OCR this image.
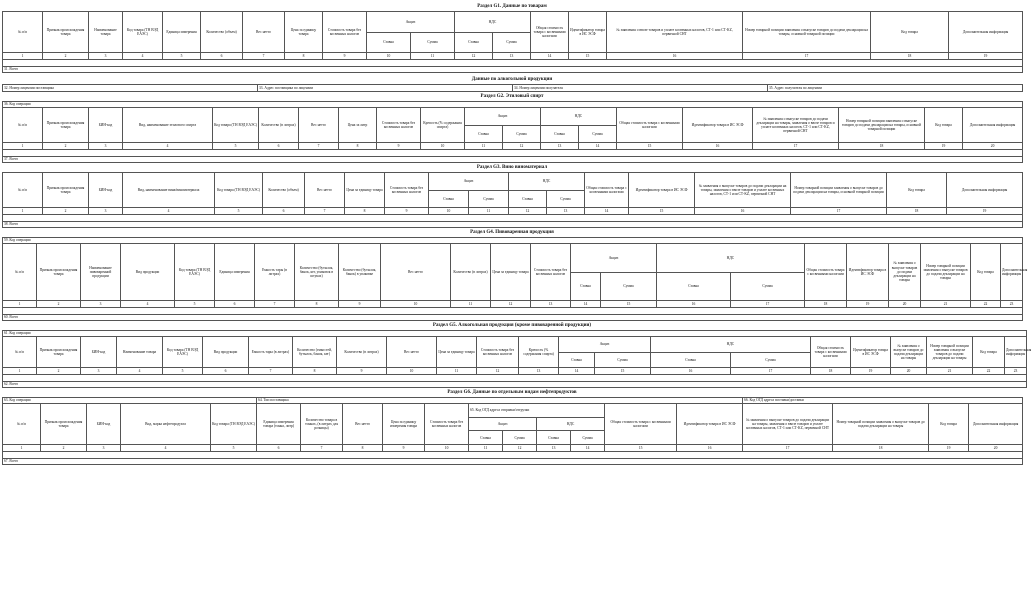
Раздел G1. Данные по товарам
№ п/п	Признак происхождения товара	Наименование товара	Код товара (ТН ВЭД ЕАЭС)	Единица измерения	Количество (объем)	Вес нетто	Цена за единицу товара	Стоимость товара без косвенных налогов	Акциз		НДС		Общая стоимость товара с косвенными налогами	Идентификатор товара в ИС ЭСФ	№ заявления о ввозе товаров и уплате косвенных налогов, СТ-1 или СТ-KZ, первичной СНТ	Номер товарной позиции заявления о выпуске товаров до подачи декларации на товары, основной товарной позиции	Код товара	Дополнительная информация
									Ставка	Сумма	Ставка	Сумма						
1	2	3	4	5	6	7	8	9	10	11	12	13	14	15	16	17	18	19

31. Всего																		
Данные по алкогольной продукции
32. Номер лицензии поставщика	33. Адрес поставщика по лицензии	34. Номер лицензии получателя	35. Адрес получателя по лицензии
Раздел G2. Этиловый спирт
36. Код операции																			
№ п/п	Признак происхождения товара	БИН-код	Вид, наименование этилового спирта	Код товара (ТН ВЭД ЕАЭС)	Количество (в литрах)	Вес нетто	Цена за литр	Стоимость товара без косвенных налогов	Крепость (% содержания спирта)	Акциз		НДС		Общая стоимость товара с косвенными налогами	Идентификатор товара в ИС ЭСФ	№ заявления о выпуске товаров до подачи декларации на товары, заявления о ввозе товаров и уплате косвенных налогов, СТ-1 или СТ-KZ, первичной СНТ	Номер товарной позиции заявления о выпуске товаров до подачи декларации на товары, основной товарной позиции	Код товара	Дополнительная информация
										Ставка	Сумма	Ставка	Сумма						
1	2	3	4	5	6	7	8	9	10	11	12	13	14	15	16	17	18	19	20

37. Всего																			
Раздел G3. Вино виноматериал
№ п/п	Признак происхождения товара	БИН-код	Вид, наименование вина/виноматериала	Код товара (ТН ВЭД ЕАЭС)	Количество (объем)	Вес нетто	Цена за единицу товара	Стоимость товара без косвенных налогов	Акциз		НДС		Общая стоимость товара с косвенными налогами	Идентификатор товара в ИС ЭСФ	№ заявления о выпуске товаров до подачи декларации на товары, заявления о ввозе товаров и уплате косвенных налогов, СТ-1 или СТ-KZ, первичной СНТ	Номер товарной позиции заявления о выпуске товаров до подачи декларации на товары, основной товарной позиции	Код товара	Дополнительная информация
									Ставка	Сумма	Ставка	Сумма						
1	2	3	4	5	6	7	8	9	10	11	12	13	14	15	16	17	18	19

38. Всего																		
Раздел G4. Пивоваренная продукция
59. Код операции																						
№ п/п	Признак происхождения товара	Наименование пивоваренной продукции	Вид продукции	Код товара (ТН ВЭД ЕАЭС)	Единица измерения	Емкость тары (в литрах)	Количество (бутылок, банок, кег, упаковок в штуках)	Количество (бутылок, банок) в упаковке	Вес нетто	Количество (в литрах)	Цена за единицу товара	Стоимость товара без косвенных налогов	Акциз		НДС		Общая стоимость товара с косвенными налогами	Идентификатор товара в ИС ЭСФ	№ заявления о выпуске товаров до подачи декларации на товары	Номер товарной позиции заявления о выпуске товаров до подачи декларации на товары	Код товара	Дополнительная информация
													Ставка	Сумма	Ставка	Сумма						
1	2	3	4	5	6	7	8	9	10	11	12	13	14	15	16	17	18	19	20	21	22	23

60. Всего																						
Раздел G5. Алкогольная продукция (кроме пивоваренной продукции)
61. Код операции																						
№ п/п	Признак происхождения товара	БИН-код	Наименование товара	Код товара (ТН ВЭД ЕАЭС)	Вид продукции	Емкость тары (в литрах)	Количество (емкостей, бутылок, банок, кег)	Количество (в литрах)	Вес нетто	Цена за единицу товара	Стоимость товара без косвенных налогов	Крепость (% содержания спирта)	Акциз		НДС		Общая стоимость товара с косвенными налогами	Идентификатор товара в ИС ЭСФ	№ заявления о выпуске товаров до подачи декларации на товары	Номер товарной позиции заявления о выпуске товаров до подачи декларации на товары	Код товара	Дополнительная информация
													Ставка	Сумма	Ставка	Сумма						
1	2	3	4	5	6	7	8	9	10	11	12	13	14	15	16	17	18	19	20	21	22	23

62. Всего																						
Раздел G6. Данные по отдельным видам нефтепродуктов
63. Код операции					64. Тип поставщика											66. Код ОГД адреса поставки/доставки			
№ п/п	Признак происхождения товара	БИН-код	Вид, марка нефтепродукта	Код товара (ТН ВЭД ЕАЭС)	Единица измерения товара (тонна, литр)	Количество товара в тоннах, (в литрах для розницы)	Вес нетто	Цена за единицу измерения товара	Стоимость товара без косвенных налогов	65. Код ОГД адреса отправки/отгрузки				Общая стоимость товара с косвенными налогами	Идентификатор товара в ИС ЭСФ	№ заявления о выпуске товаров до подачи декларации на товары, заявления о ввозе товаров и уплате косвенных налогов, СТ-1 или СТ-KZ, первичной СНТ	Номер товарной позиции заявления о выпуске товаров до подачи декларации на товары	Код товара	Дополнительная информация
										Акциз		НДС							
										Ставка	Сумма	Ставка	Сумма						
1	2	3	4	5	6	7	8	9	10	11	12	13	14	15	16	17	18	19	20

67. Всего																			
